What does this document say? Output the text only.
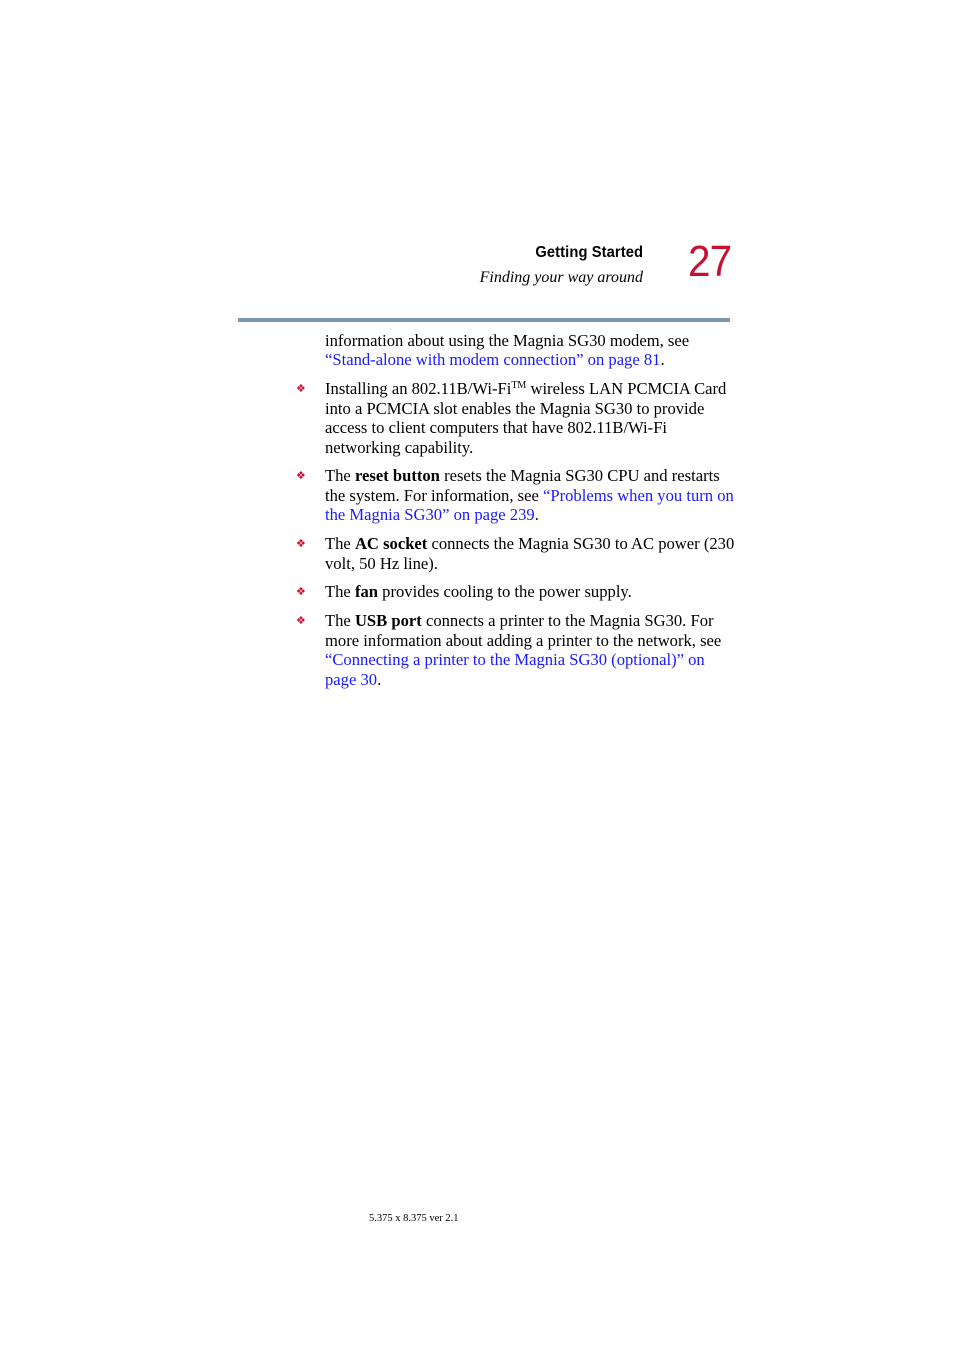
Getting Started
Finding your way around 27

information about using the Magnia SG30 modem, see “Stand-alone with modem connection” on page 81.

❖ Installing an 802.11B/Wi-Fi™ wireless LAN PCMCIA Card into a PCMCIA slot enables the Magnia SG30 to provide access to client computers that have 802.11B/Wi-Fi networking capability.

❖ The reset button resets the Magnia SG30 CPU and restarts the system. For information, see “Problems when you turn on the Magnia SG30” on page 239.

❖ The AC socket connects the Magnia SG30 to AC power (230 volt, 50 Hz line).

❖ The fan provides cooling to the power supply.

❖ The USB port connects a printer to the Magnia SG30. For more information about adding a printer to the network, see “Connecting a printer to the Magnia SG30 (optional)” on page 30.

5.375 x 8.375 ver 2.1
